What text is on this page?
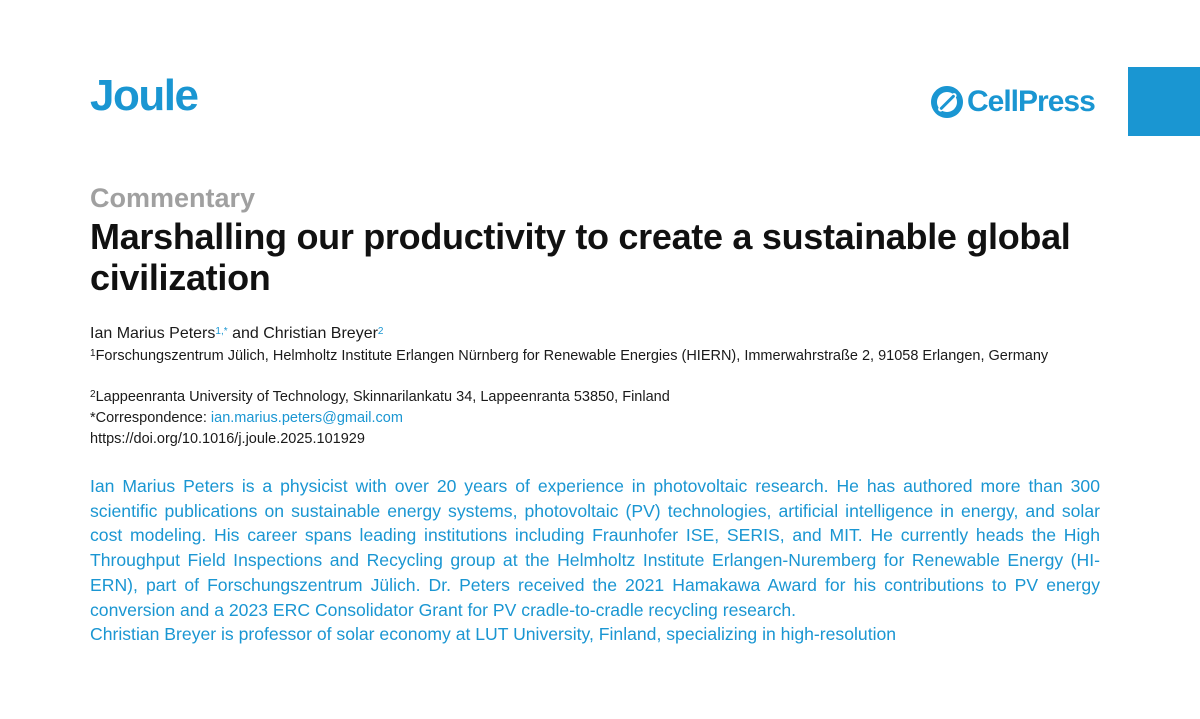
Joule	CellPress
Commentary
Marshalling our productivity to create a sustainable global civilization
Ian Marius Peters$^{1,*}$ and Christian Breyer$^2$
$^1$Forschungszentrum Jülich, Helmholtz Institute Erlangen Nürnberg for Renewable Energies (HIERN), Immerwahrstraße 2, 91058 Erlangen, Germany
$^2$Lappeenranta University of Technology, Skinnarilankatu 34, Lappeenranta 53850, Finland
*Correspondence: ian.marius.peters@gmail.com
https://doi.org/10.1016/j.joule.2025.101929

Ian Marius Peters is a physicist with over 20 years of experience in photovoltaic research. He has authored more than 300 scientific publications on sustainable energy systems, photovoltaic (PV) technologies, artificial intelligence in energy, and solar cost modeling. His career spans leading institutions including Fraunhofer ISE, SERIS, and MIT. He currently heads the High Throughput Field Inspections and Recycling group at the Helmholtz Institute Erlangen-Nuremberg for Renewable Energy (HI-ERN), part of Forschungszentrum Jülich. Dr. Peters received the 2021 Hamakawa Award for his contributions to PV energy conversion and a 2023 ERC Consolidator Grant for PV cradle-to-cradle recycling research.

Christian Breyer is professor of solar economy at LUT University, Finland, specializing in high-resolution
